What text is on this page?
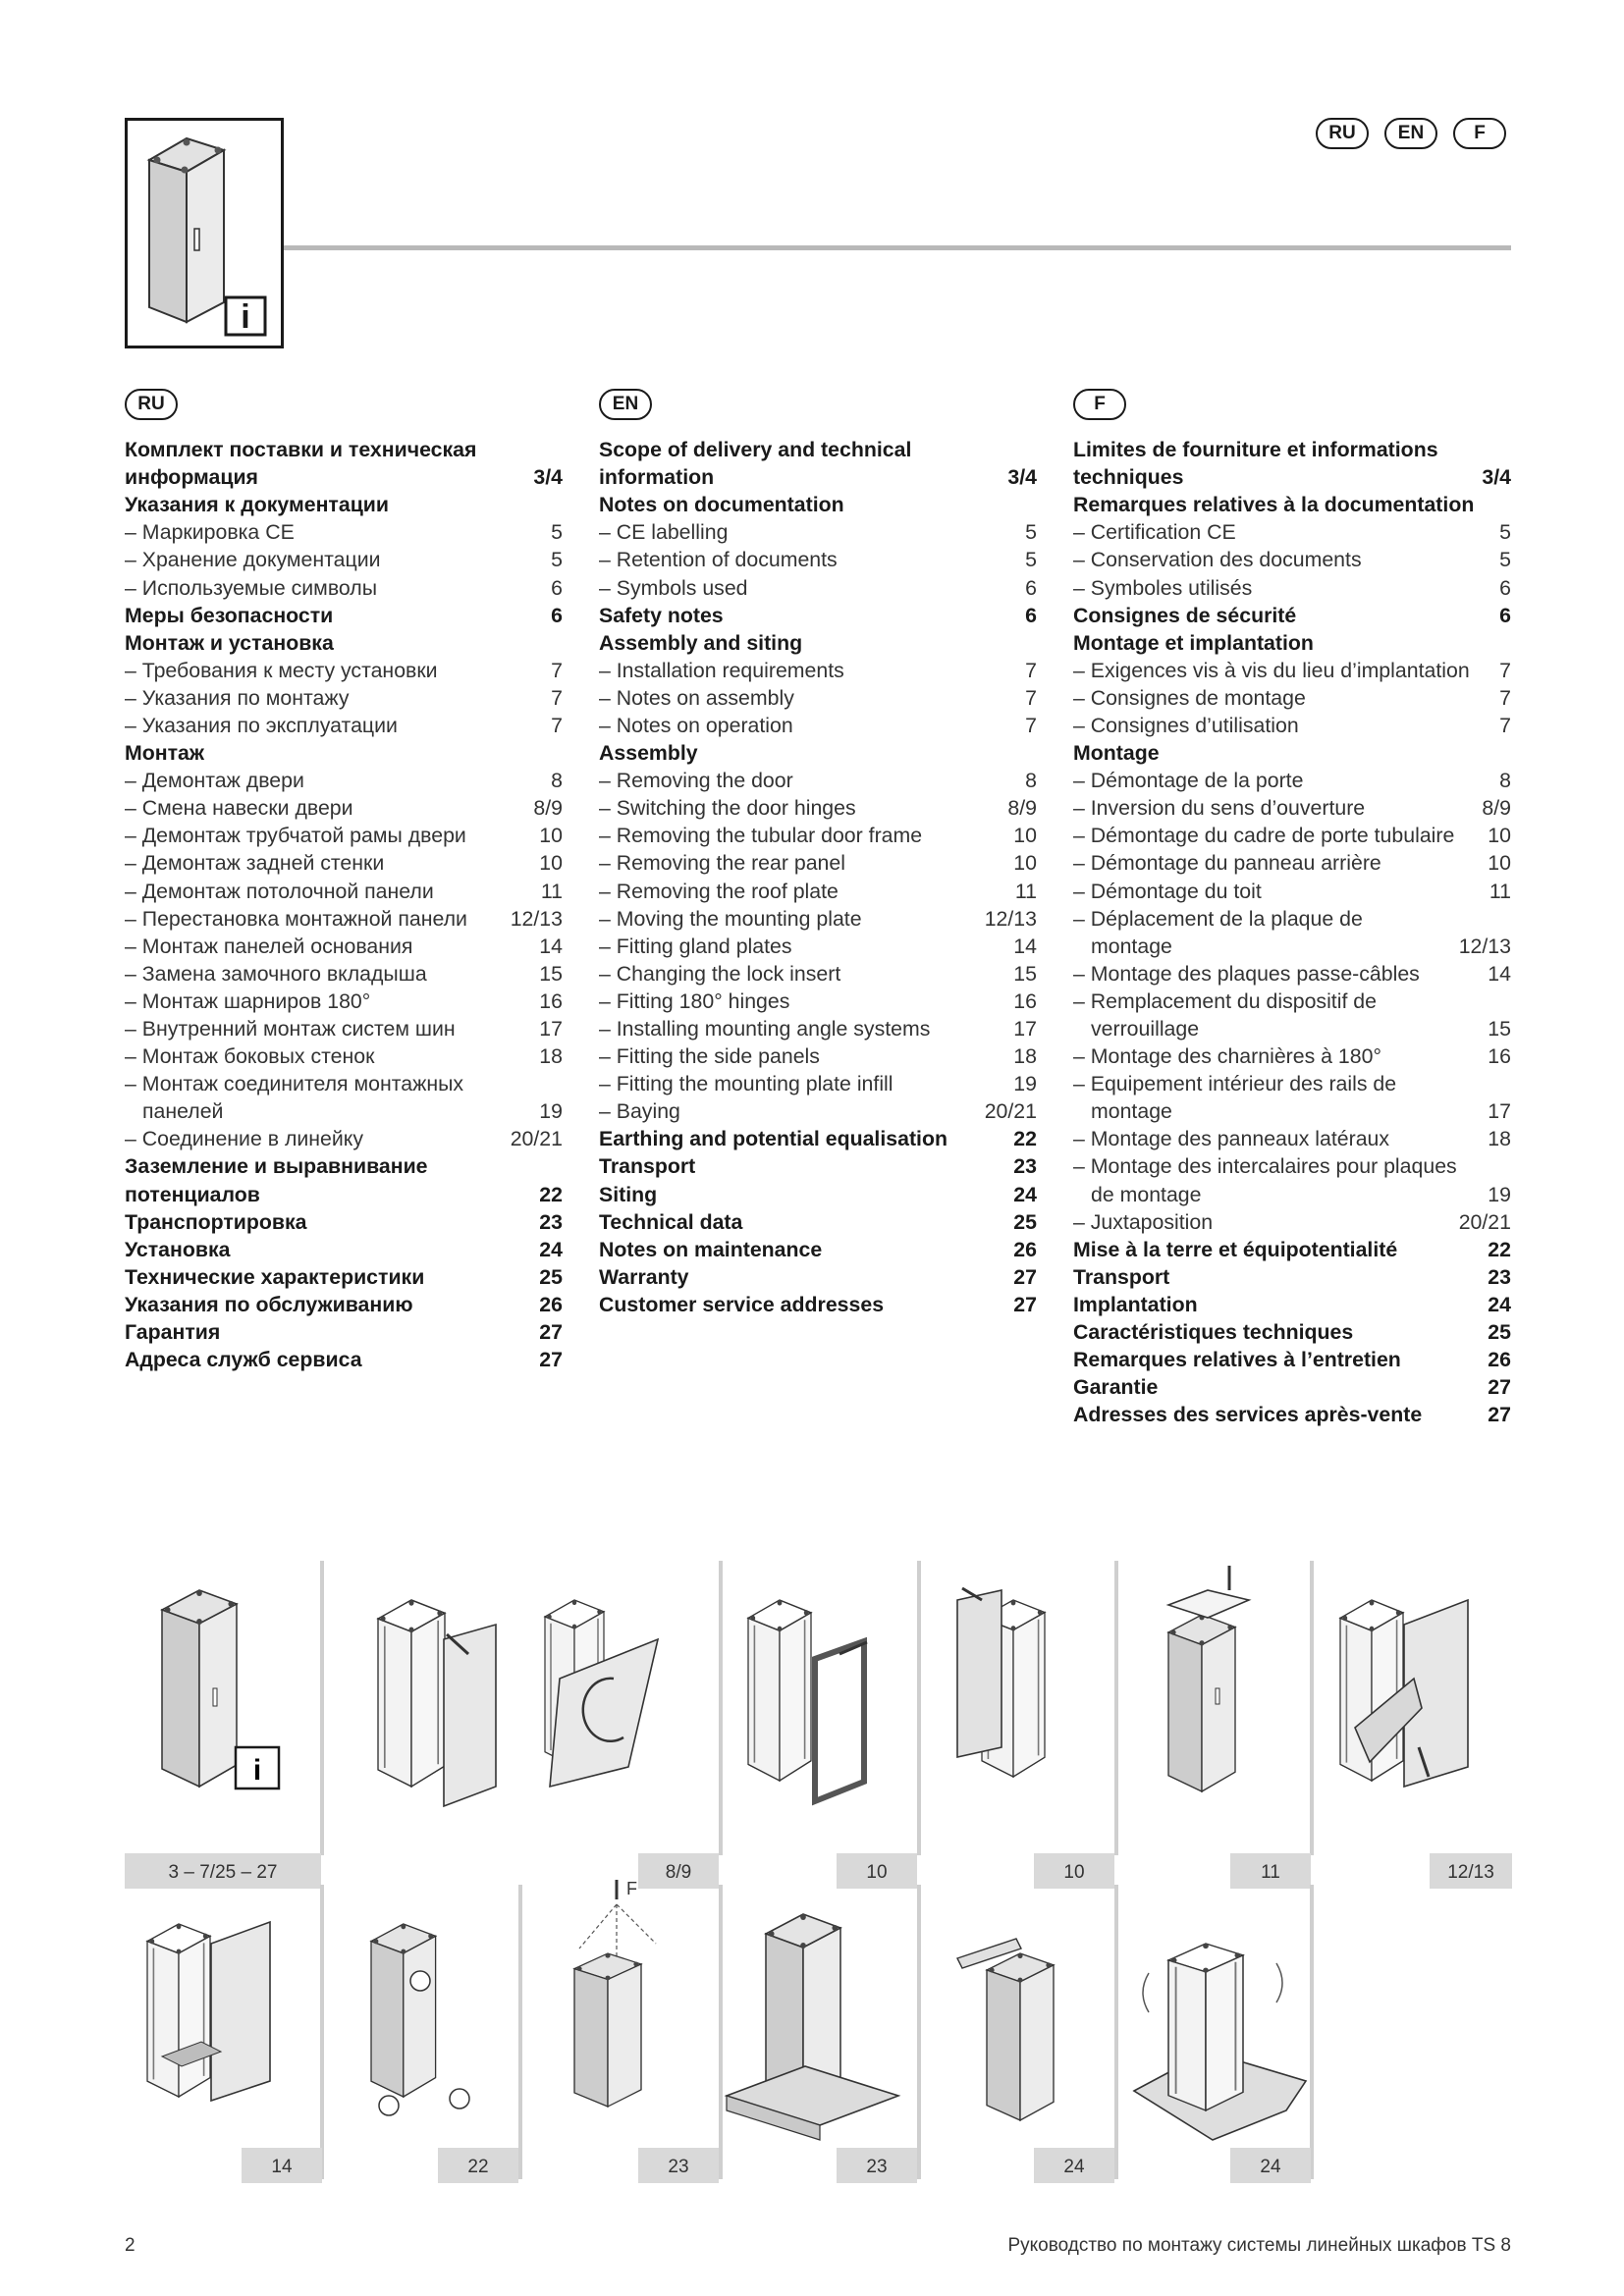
i
RU	EN	F
RU
Комплект поставки и техническая информация	3/4
Указания к документации
– Маркировка CE	5
– Хранение документации	5
– Используемые символы	6
Меры безопасности	6
Монтаж и установка
– Требования к месту установки	7
– Указания по монтажу	7
– Указания по эксплуатации	7
Монтаж
– Демонтаж двери	8
– Смена навески двери	8/9
– Демонтаж трубчатой рамы двери	10
– Демонтаж задней стенки	10
– Демонтаж потолочной панели	11
– Перестановка монтажной панели	12/13
– Монтаж панелей основания	14
– Замена замочного вкладыша	15
– Монтаж шарниров 180°	16
– Внутренний монтаж систем шин	17
– Монтаж боковых стенок	18
– Монтаж соединителя монтажных панелей	19
– Соединение в линейку	20/21
Заземление и выравнивание потенциалов	22
Транспортировка	23
Установка	24
Технические характеристики	25
Указания по обслуживанию	26
Гарантия	27
Адреса служб сервиса	27
EN
Scope of delivery and technical information	3/4
Notes on documentation
– CE labelling	5
– Retention of documents	5
– Symbols used	6
Safety notes	6
Assembly and siting
– Installation requirements	7
– Notes on assembly	7
– Notes on operation	7
Assembly
– Removing the door	8
– Switching the door hinges	8/9
– Removing the tubular door frame	10
– Removing the rear panel	10
– Removing the roof plate	11
– Moving the mounting plate	12/13
– Fitting gland plates	14
– Changing the lock insert	15
– Fitting 180° hinges	16
– Installing mounting angle systems	17
– Fitting the side panels	18
– Fitting the mounting plate infill	19
– Baying	20/21
Earthing and potential equalisation	22
Transport	23
Siting	24
Technical data	25
Notes on maintenance	26
Warranty	27
Customer service addresses	27
F
Limites de fourniture et informations techniques	3/4
Remarques relatives à la documentation
– Certification CE	5
– Conservation des documents	5
– Symboles utilisés	6
Consignes de sécurité	6
Montage et implantation
– Exigences vis à vis du lieu d’implantation	7
– Consignes de montage	7
– Consignes d’utilisation	7
Montage
– Démontage de la porte	8
– Inversion du sens d’ouverture	8/9
– Démontage du cadre de porte tubulaire	10
– Démontage du panneau arrière	10
– Démontage du toit	11
– Déplacement de la plaque de montage	12/13
– Montage des plaques passe-câbles	14
– Remplacement du dispositif de verrouillage	15
– Montage des charnières à 180°	16
– Equipement intérieur des rails de montage	17
– Montage des panneaux latéraux	18
– Montage des intercalaires pour plaques de montage	19
– Juxtaposition	20/21
Mise à la terre et équipotentialité	22
Transport	23
Implantation	24
Caractéristiques techniques	25
Remarques relatives à l’entretien	26
Garantie	27
Adresses des services après-vente	27
i
3 – 7/25 – 27	8/9	10	10	11	12/13
F
14	22	23	23	24	24
2	Руководство по монтажу системы линейных шкафов TS 8
